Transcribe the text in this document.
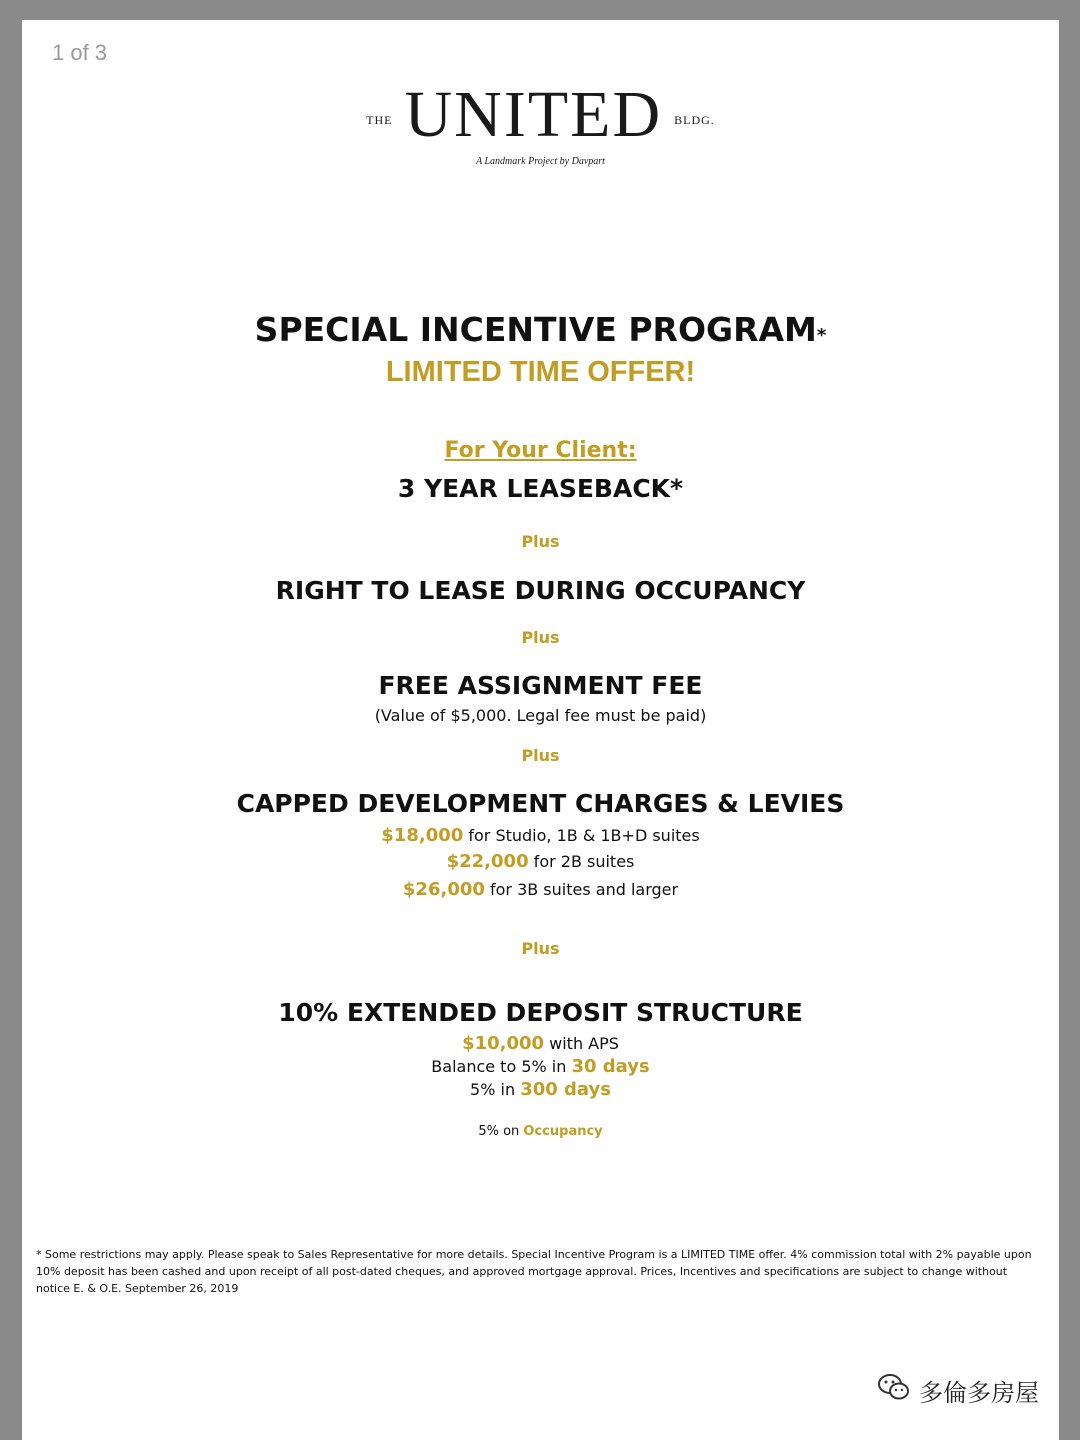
1 of 3
THE UNITED BLDG.
A Landmark Project by Davpart
SPECIAL INCENTIVE PROGRAM*
LIMITED TIME OFFER!
For Your Client:
3 YEAR LEASEBACK*
Plus
RIGHT TO LEASE DURING OCCUPANCY
Plus
FREE ASSIGNMENT FEE
(Value of $5,000. Legal fee must be paid)
Plus
CAPPED DEVELOPMENT CHARGES & LEVIES
$18,000 for Studio, 1B & 1B+D suites
$22,000 for 2B suites
$26,000 for 3B suites and larger
Plus
10% EXTENDED DEPOSIT STRUCTURE
$10,000 with APS
Balance to 5% in 30 days
5% in 300 days
5% on Occupancy
* Some restrictions may apply. Please speak to Sales Representative for more details. Special Incentive Program is a LIMITED TIME offer. 4% commission total with 2% payable upon 10% deposit has been cashed and upon receipt of all post-dated cheques, and approved mortgage approval. Prices, Incentives and specifications are subject to change without notice E. & O.E. September 26, 2019
多倫多房屋
